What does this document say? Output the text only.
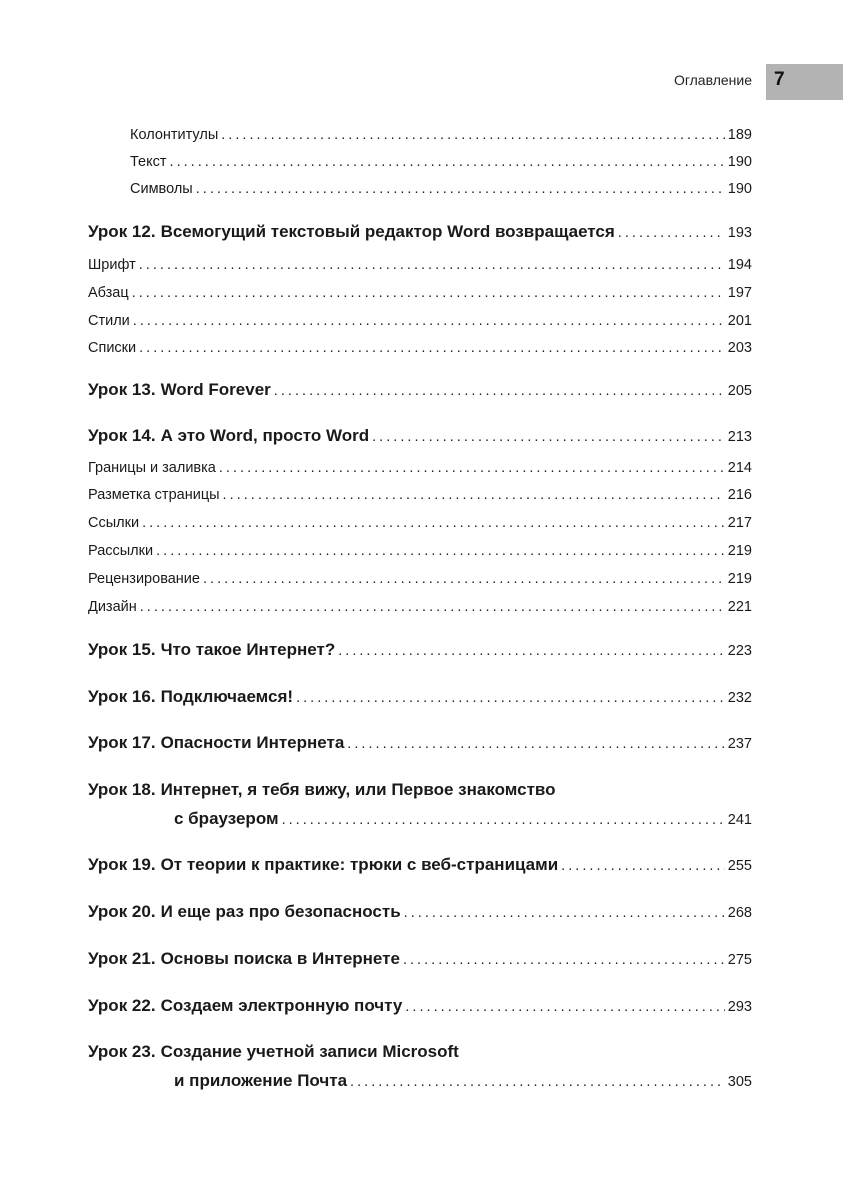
Оглавление 7
Колонтитулы . . .	189
Текст . . .	190
Символы . . .	190
Урок 12. Всемогущий текстовый редактор Word возвращается . . .	193
Шрифт . . .	194
Абзац . . .	197
Стили . . .	201
Списки . . .	203
Урок 13. Word Forever . . .	205
Урок 14. А это Word, просто Word . . .	213
Границы и заливка . . .	214
Разметка страницы . . .	216
Ссылки . . .	217
Рассылки . . .	219
Рецензирование . . .	219
Дизайн . . .	221
Урок 15. Что такое Интернет? . . .	223
Урок 16. Подключаемся! . . .	232
Урок 17. Опасности Интернета . . .	237
Урок 18. Интернет, я тебя вижу, или Первое знакомство
с браузером . . .	241
Урок 19. От теории к практике: трюки с веб-страницами . . .	255
Урок 20. И еще раз про безопасность . . .	268
Урок 21. Основы поиска в Интернете . . .	275
Урок 22. Создаем электронную почту . . .	293
Урок 23. Создание учетной записи Microsoft
и приложение Почта . . .	305
